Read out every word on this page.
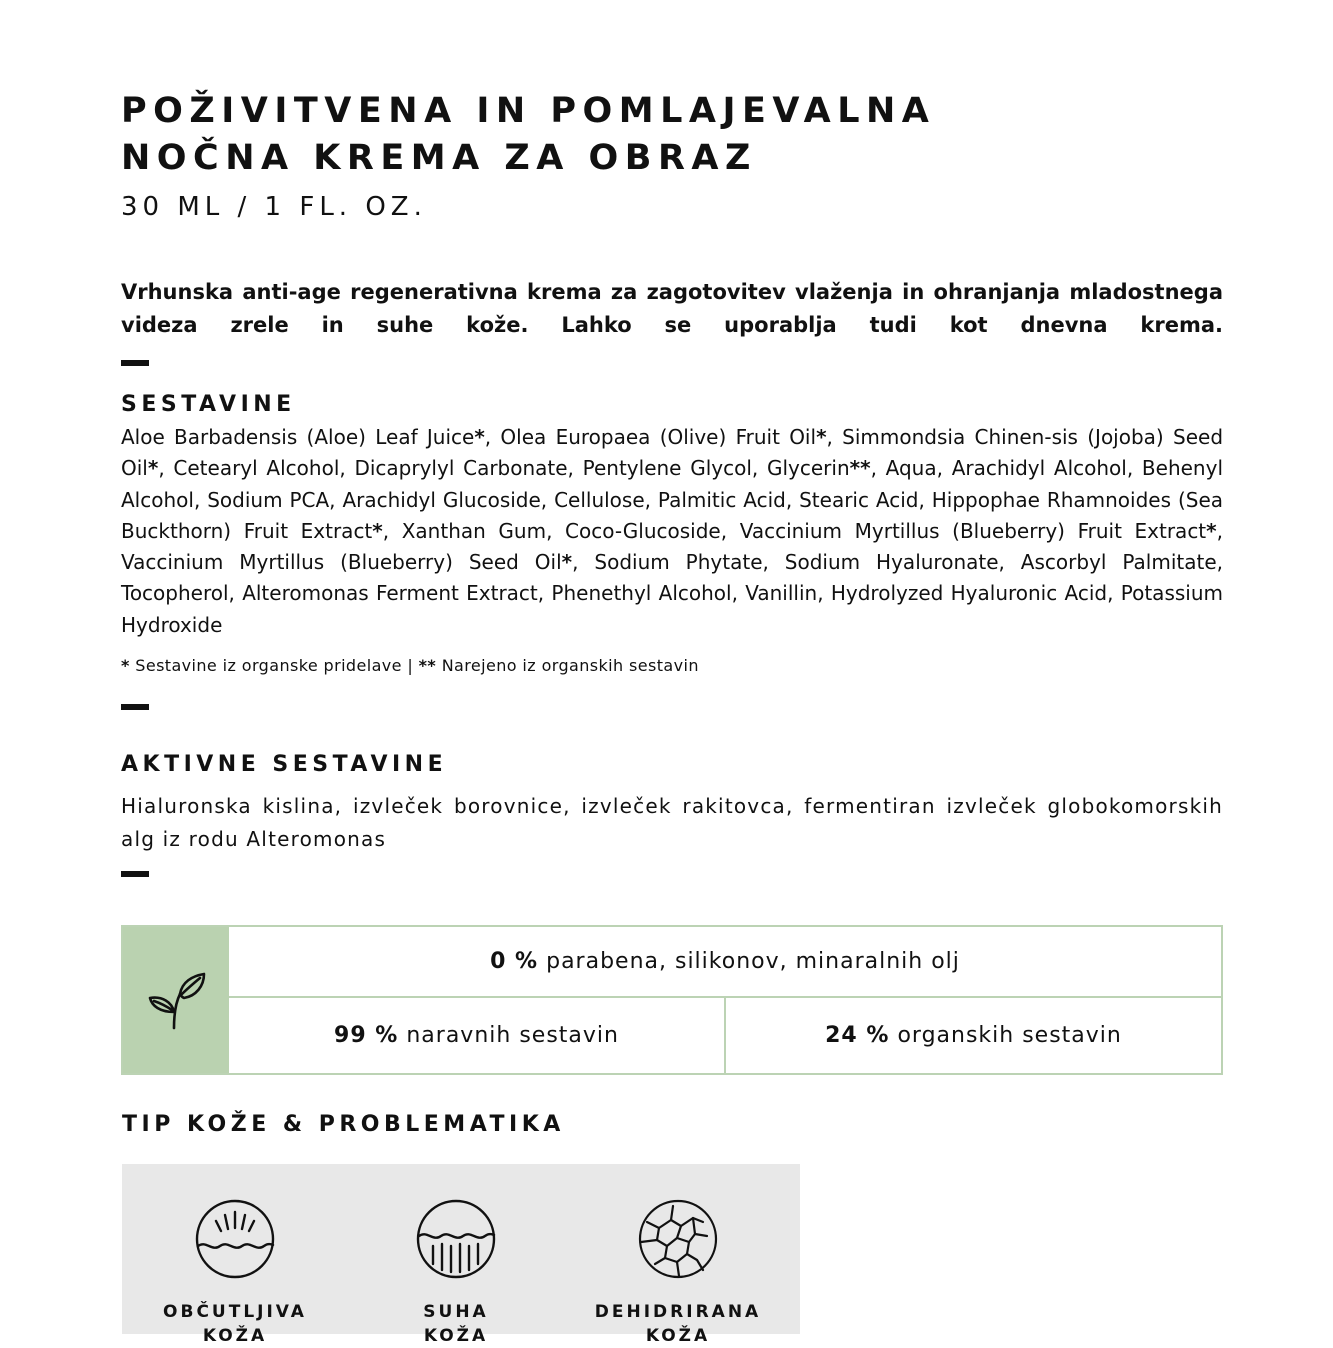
POŽIVITVENA IN POMLAJEVALNA
NOČNA KREMA ZA OBRAZ
30 ML / 1 FL. OZ.
Vrhunska anti-age regenerativna krema za zagotovitev vlaženja in ohranjanja mladostnega videza zrele in suhe kože. Lahko se uporablja tudi kot dnevna krema.
SESTAVINE
Aloe Barbadensis (Aloe) Leaf Juice*, Olea Europaea (Olive) Fruit Oil*, Simmondsia Chinen-sis (Jojoba) Seed Oil*, Cetearyl Alcohol, Dicaprylyl Carbonate, Pentylene Glycol, Glycerin**, Aqua, Arachidyl Alcohol, Behenyl Alcohol, Sodium PCA, Arachidyl Glucoside, Cellulose, Palmitic Acid, Stearic Acid, Hippophae Rhamnoides (Sea Buckthorn) Fruit Extract*, Xanthan Gum, Coco-Glucoside, Vaccinium Myrtillus (Blueberry) Fruit Extract*, Vaccinium Myrtillus (Blueberry) Seed Oil*, Sodium Phytate, Sodium Hyaluronate, Ascorbyl Palmitate, Tocopherol, Alteromonas Ferment Extract, Phenethyl Alcohol, Vanillin, Hydrolyzed Hyaluronic Acid, Potassium Hydroxide
* Sestavine iz organske pridelave | ** Narejeno iz organskih sestavin
AKTIVNE SESTAVINE
Hialuronska kislina, izvleček borovnice, izvleček rakitovca, fermentiran izvleček globokomorskih alg iz rodu Alteromonas
0 % parabena, silikonov, minaralnih olj
99 % naravnih sestavin	24 % organskih sestavin
TIP KOŽE & PROBLEMATIKA
OBČUTLJIVA
KOŽA
SUHA
KOŽA
DEHIDRIRANA
KOŽA
